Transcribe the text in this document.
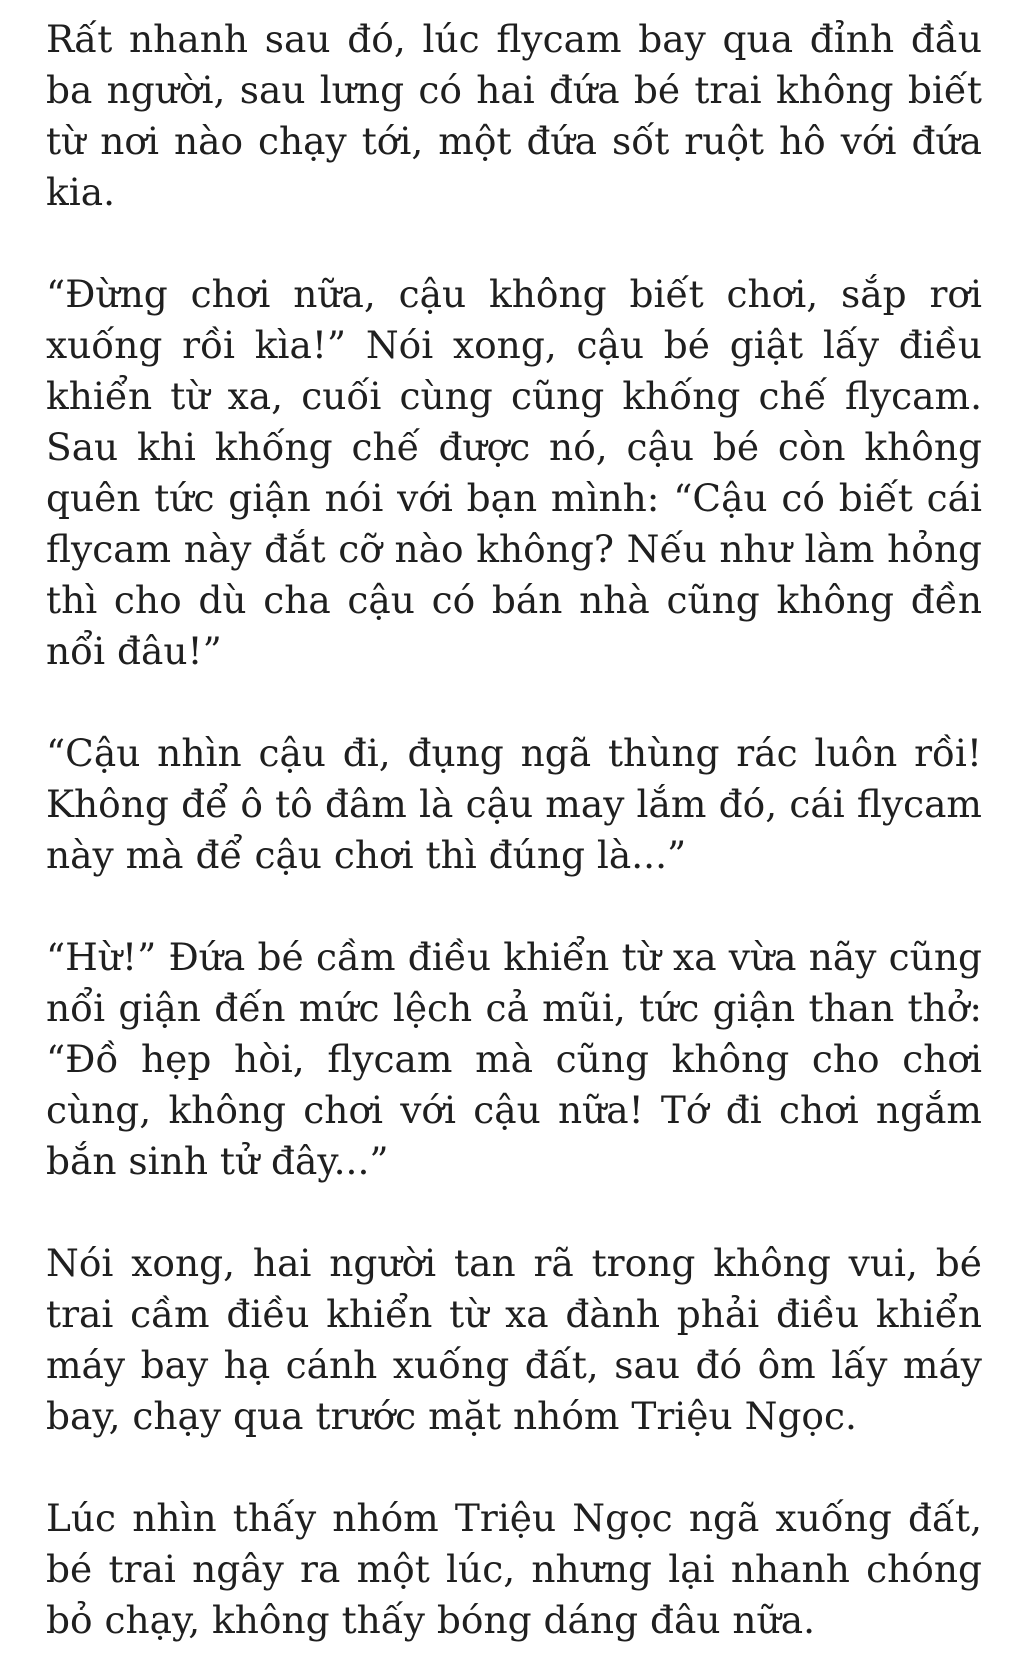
Rất nhanh sau đó, lúc flycam bay qua đỉnh đầu ba người, sau lưng có hai đứa bé trai không biết từ nơi nào chạy tới, một đứa sốt ruột hô với đứa kia.

“Đừng chơi nữa, cậu không biết chơi, sắp rơi xuống rồi kìa!” Nói xong, cậu bé giật lấy điều khiển từ xa, cuối cùng cũng khống chế flycam. Sau khi khống chế được nó, cậu bé còn không quên tức giận nói với bạn mình: “Cậu có biết cái flycam này đắt cỡ nào không? Nếu như làm hỏng thì cho dù cha cậu có bán nhà cũng không đền nổi đâu!”

“Cậu nhìn cậu đi, đụng ngã thùng rác luôn rồi! Không để ô tô đâm là cậu may lắm đó, cái flycam này mà để cậu chơi thì đúng là...”

“Hừ!” Đứa bé cầm điều khiển từ xa vừa nãy cũng nổi giận đến mức lệch cả mũi, tức giận than thở: “Đồ hẹp hòi, flycam mà cũng không cho chơi cùng, không chơi với cậu nữa! Tớ đi chơi ngắm bắn sinh tử đây...”

Nói xong, hai người tan rã trong không vui, bé trai cầm điều khiển từ xa đành phải điều khiển máy bay hạ cánh xuống đất, sau đó ôm lấy máy bay, chạy qua trước mặt nhóm Triệu Ngọc.

Lúc nhìn thấy nhóm Triệu Ngọc ngã xuống đất, bé trai ngây ra một lúc, nhưng lại nhanh chóng bỏ chạy, không thấy bóng dáng đâu nữa.
